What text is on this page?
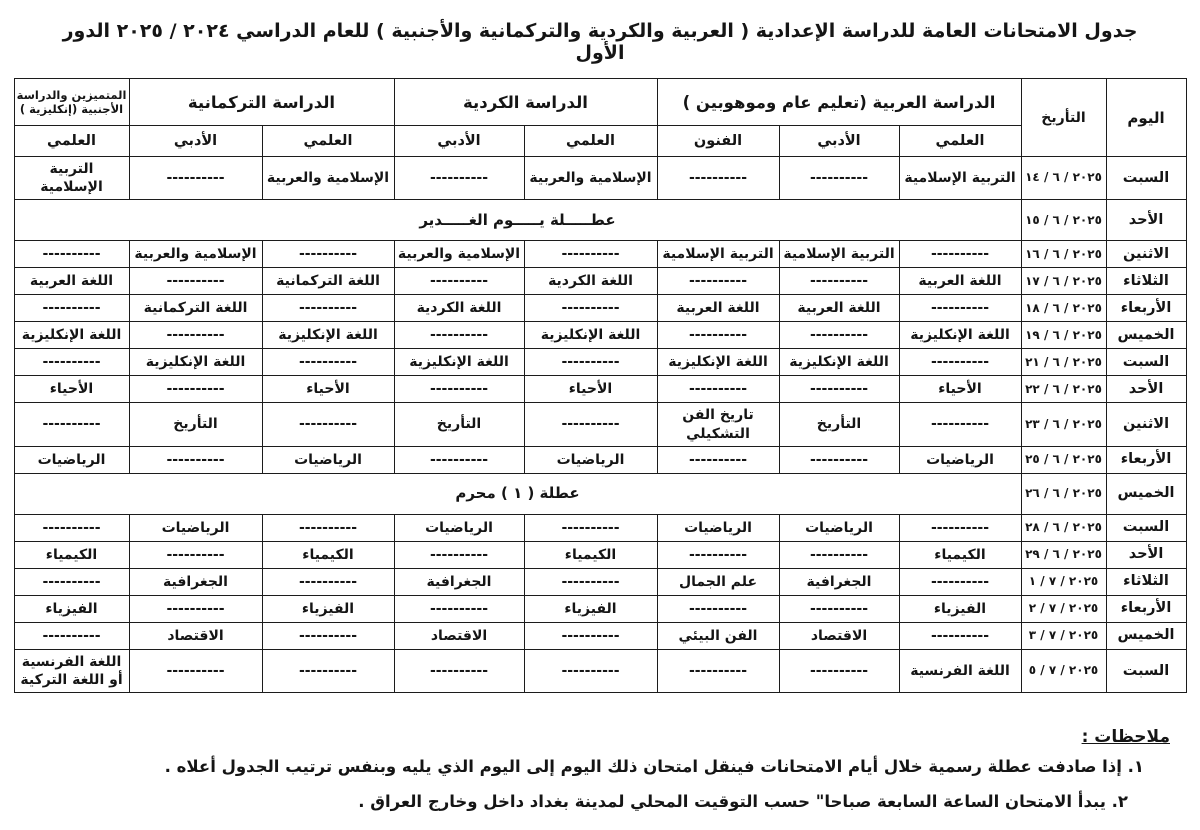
جدول الامتحانات العامة للدراسة الإعدادية ( العربية والكردية والتركمانية والأجنبية ) للعام الدراسي ٢٠٢٤ / ٢٠٢٥ الدور الأول
اليوم	التأريخ	الدراسة العربية (تعليم عام وموهوبين )			الدراسة الكردية		الدراسة التركمانية		المتميزين والدراسة الأجنبية (إنكليزية )
		العلمي	الأدبي	الفنون	العلمي	الأدبي	العلمي	الأدبي	العلمي
السبت	٢٠٢٥ / ٦ / ١٤	التربية الإسلامية	----------	----------	الإسلامية والعربية	----------	الإسلامية والعربية	----------	التربية الإسلامية
الأحد	٢٠٢٥ / ٦ / ١٥	عطـــــلة يـــــوم الغـــــدير							
الاثنين	٢٠٢٥ / ٦ / ١٦	----------	التربية الإسلامية	التربية الإسلامية	----------	الإسلامية والعربية	----------	الإسلامية والعربية	----------
الثلاثاء	٢٠٢٥ / ٦ / ١٧	اللغة العربية	----------	----------	اللغة الكردية	----------	اللغة التركمانية	----------	اللغة العربية
الأربعاء	٢٠٢٥ / ٦ / ١٨	----------	اللغة العربية	اللغة العربية	----------	اللغة الكردية	----------	اللغة التركمانية	----------
الخميس	٢٠٢٥ / ٦ / ١٩	اللغة الإنكليزية	----------	----------	اللغة الإنكليزية	----------	اللغة الإنكليزية	----------	اللغة الإنكليزية
السبت	٢٠٢٥ / ٦ / ٢١	----------	اللغة الإنكليزية	اللغة الإنكليزية	----------	اللغة الإنكليزية	----------	اللغة الإنكليزية	----------
الأحد	٢٠٢٥ / ٦ / ٢٢	الأحياء	----------	----------	الأحياء	----------	الأحياء	----------	الأحياء
الاثنين	٢٠٢٥ / ٦ / ٢٣	----------	التأريخ	تاريخ الفن التشكيلي	----------	التأريخ	----------	التأريخ	----------
الأربعاء	٢٠٢٥ / ٦ / ٢٥	الرياضيات	----------	----------	الرياضيات	----------	الرياضيات	----------	الرياضيات
الخميس	٢٠٢٥ / ٦ / ٢٦	عطلة ( ١ ) محرم							
السبت	٢٠٢٥ / ٦ / ٢٨	----------	الرياضيات	الرياضيات	----------	الرياضيات	----------	الرياضيات	----------
الأحد	٢٠٢٥ / ٦ / ٢٩	الكيمياء	----------	----------	الكيمياء	----------	الكيمياء	----------	الكيمياء
الثلاثاء	٢٠٢٥ / ٧ / ١	----------	الجغرافية	علم الجمال	----------	الجغرافية	----------	الجغرافية	----------
الأربعاء	٢٠٢٥ / ٧ / ٢	الفيزياء	----------	----------	الفيزياء	----------	الفيزياء	----------	الفيزياء
الخميس	٢٠٢٥ / ٧ / ٣	----------	الاقتصاد	الفن البيئي	----------	الاقتصاد	----------	الاقتصاد	----------
السبت	٢٠٢٥ / ٧ / ٥	اللغة الفرنسية	----------	----------	----------	----------	----------	----------	اللغة الفرنسية أو اللغة التركية
ملاحظات :
١. إذا صادفت عطلة رسمية خلال أيام الامتحانات فينقل امتحان ذلك اليوم إلى اليوم الذي يليه وبنفس ترتيب الجدول أعلاه .
٢. يبدأ الامتحان الساعة السابعة صباحا" حسب التوقيت المحلي لمدينة بغداد داخل وخارج العراق .
